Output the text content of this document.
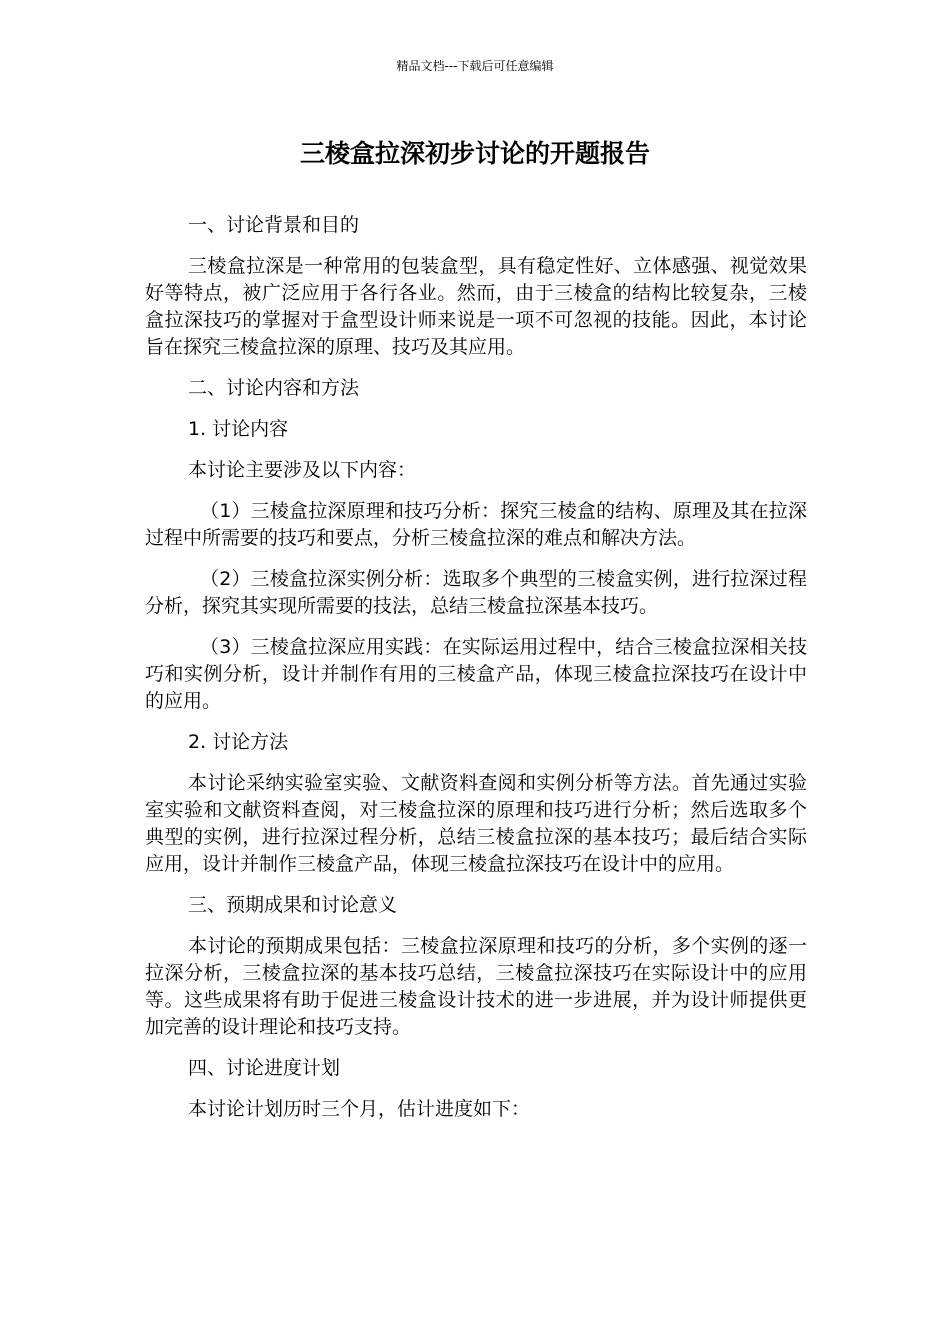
精品文档---下载后可任意编辑
三棱盒拉深初步讨论的开题报告

一、讨论背景和目的

三棱盒拉深是一种常用的包装盒型，具有稳定性好、立体感强、视觉效果好等特点，被广泛应用于各行各业。然而，由于三棱盒的结构比较复杂，三棱盒拉深技巧的掌握对于盒型设计师来说是一项不可忽视的技能。因此，本讨论旨在探究三棱盒拉深的原理、技巧及其应用。

二、讨论内容和方法

1. 讨论内容

本讨论主要涉及以下内容：

（1）三棱盒拉深原理和技巧分析：探究三棱盒的结构、原理及其在拉深过程中所需要的技巧和要点，分析三棱盒拉深的难点和解决方法。

（2）三棱盒拉深实例分析：选取多个典型的三棱盒实例，进行拉深过程分析，探究其实现所需要的技法，总结三棱盒拉深基本技巧。

（3）三棱盒拉深应用实践：在实际运用过程中，结合三棱盒拉深相关技巧和实例分析，设计并制作有用的三棱盒产品，体现三棱盒拉深技巧在设计中的应用。

2. 讨论方法

本讨论采纳实验室实验、文献资料查阅和实例分析等方法。首先通过实验室实验和文献资料查阅，对三棱盒拉深的原理和技巧进行分析；然后选取多个典型的实例，进行拉深过程分析，总结三棱盒拉深的基本技巧；最后结合实际应用，设计并制作三棱盒产品，体现三棱盒拉深技巧在设计中的应用。

三、预期成果和讨论意义

本讨论的预期成果包括：三棱盒拉深原理和技巧的分析，多个实例的逐一拉深分析，三棱盒拉深的基本技巧总结，三棱盒拉深技巧在实际设计中的应用等。这些成果将有助于促进三棱盒设计技术的进一步进展，并为设计师提供更加完善的设计理论和技巧支持。

四、讨论进度计划

本讨论计划历时三个月，估计进度如下：
